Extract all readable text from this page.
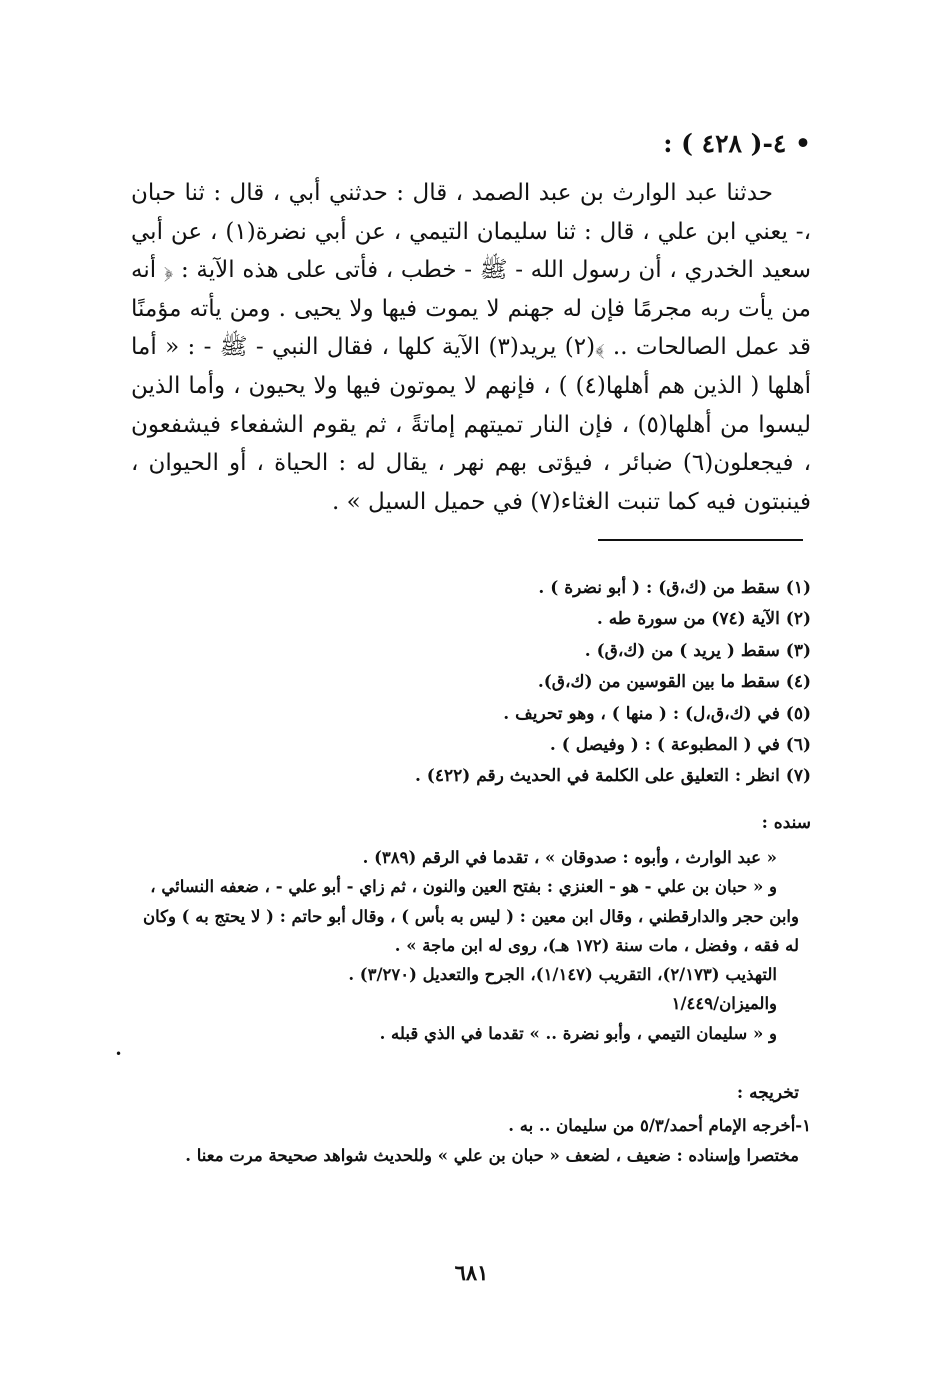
• ٤-( ٤٢٨ ) :

حدثنا عبد الوارث بن عبد الصمد ، قال : حدثني أبي ، قال : ثنا حبان ،- يعني ابن علي ، قال : ثنا سليمان التيمي ، عن أبي نضرة(١) ، عن أبي سعيد الخدري ، أن رسول الله - ﷺ - خطب ، فأتى على هذه الآية : ﴿ أنه من يأت ربه مجرمًا فإن له جهنم لا يموت فيها ولا يحيى . ومن يأته مؤمنًا قد عمل الصالحات .. ﴾(٢) يريد(٣) الآية كلها ، فقال النبي - ﷺ - : « أما أهلها ( الذين هم أهلها(٤) ) ، فإنهم لا يموتون فيها ولا يحيون ، وأما الذين ليسوا من أهلها(٥) ، فإن النار تميتهم إماتةً ، ثم يقوم الشفعاء فيشفعون ، فيجعلون(٦) ضبائر ، فيؤتى بهم نهر ، يقال له : الحياة ، أو الحيوان ، فينبتون فيه كما تنبت الغثاء(٧) في حميل السيل » .

(١) سقط من (ك،ق) : ( أبو نضرة ) .
(٢) الآية (٧٤) من سورة طه .
(٣) سقط ( يريد ) من (ك،ق) .
(٤) سقط ما بين القوسين من (ك،ق).
(٥) في (ك،ق،ل) : ( منها ) ، وهو تحريف .
(٦) في ( المطبوعة ) : ( وفيصل ) .
(٧) انظر : التعليق على الكلمة في الحديث رقم (٤٢٢) .
سنده :
« عبد الوارث ، وأبوه : صدوقان » ، تقدما في الرقم (٣٨٩) .
و « حبان بن علي - هو - العنزي : بفتح العين والنون ، ثم زاي - أبو علي - ، ضعفه النسائي ، وابن حجر والدارقطني ، وقال ابن معين : ( ليس به بأس ) ، وقال أبو حاتم : ( لا يحتج به ) وكان له فقه ، وفضل ، مات سنة (١٧٢ هـ)، روى له ابن ماجة » .
التهذيب (٢/١٧٣)، التقريب (١/١٤٧)، الجرح والتعديل (٣/٢٧٠) .
والميزان/١/٤٤٩
و « سليمان التيمي ، وأبو نضرة .. » تقدما في الذي قبله .
تخريجه :
١-أخرجه الإمام أحمد/٥/٣ من سليمان .. به .
مختصرا وإسناده : ضعيف ، لضعف « حبان بن علي » وللحديث شواهد صحيحة مرت معنا .
•
٦٨١
